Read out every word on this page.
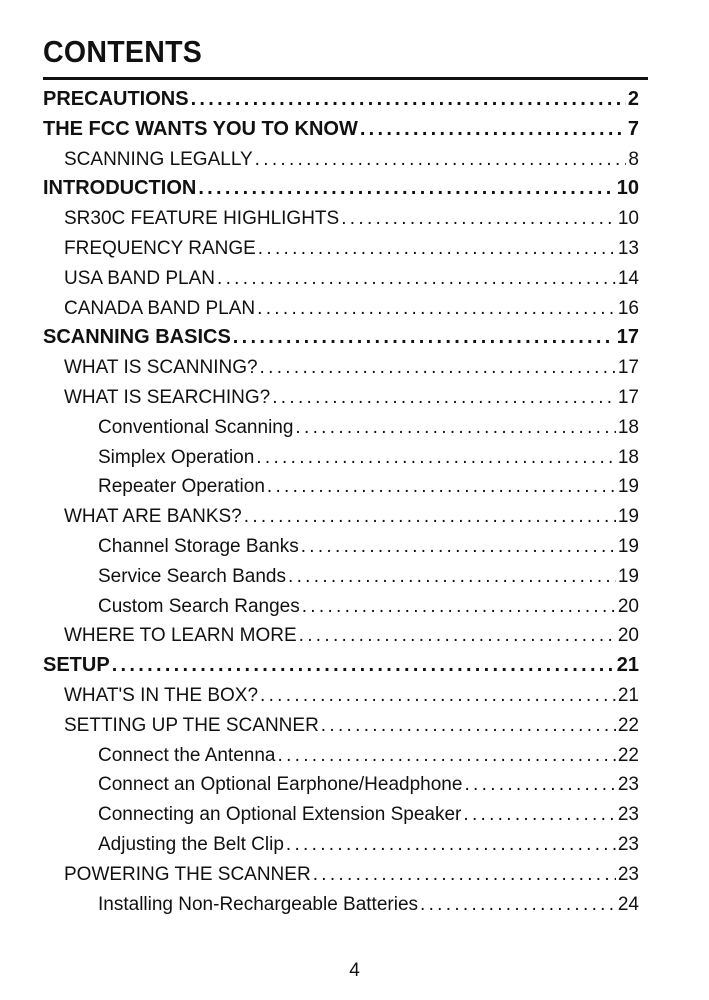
CONTENTS
PRECAUTIONS .....	2
THE FCC WANTS YOU TO KNOW .....	7
SCANNING LEGALLY .....	8
INTRODUCTION .....	10
SR30C FEATURE HIGHLIGHTS .....	10
FREQUENCY RANGE .....	13
USA BAND PLAN .....	14
CANADA BAND PLAN .....	16
SCANNING BASICS .....	17
WHAT IS SCANNING? .....	17
WHAT IS SEARCHING? .....	17
Conventional Scanning .....	18
Simplex Operation .....	18
Repeater Operation .....	19
WHAT ARE BANKS? .....	19
Channel Storage Banks .....	19
Service Search Bands .....	19
Custom Search Ranges .....	20
WHERE TO LEARN MORE .....	20
SETUP .....	21
WHAT'S IN THE BOX? .....	21
SETTING UP THE SCANNER .....	22
Connect the Antenna .....	22
Connect an Optional Earphone/Headphone .....	23
Connecting an Optional Extension Speaker .....	23
Adjusting the Belt Clip .....	23
POWERING THE SCANNER .....	23
Installing Non-Rechargeable Batteries .....	24
4
